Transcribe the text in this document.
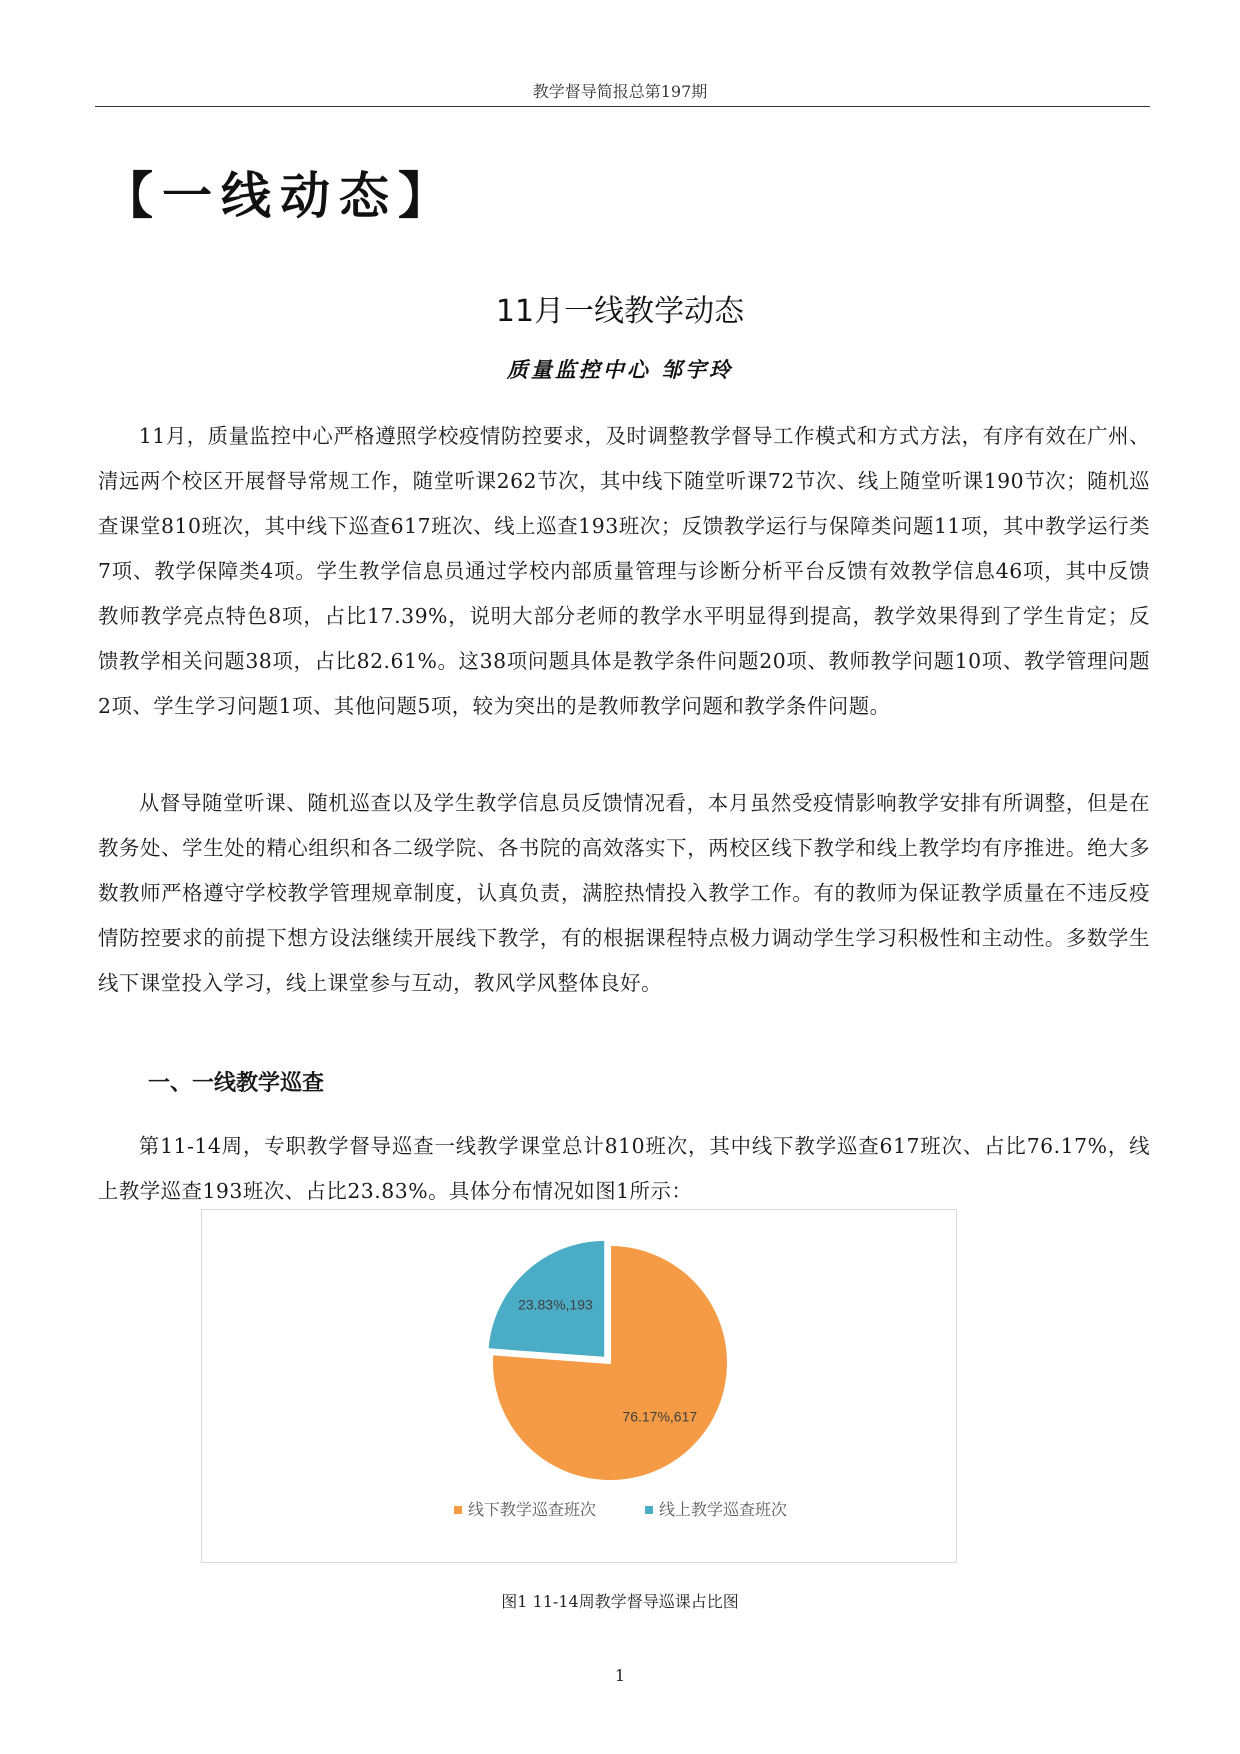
教学督导简报总第197期
【一线动态】
11月一线教学动态
质量监控中心 邹宇玲

11月，质量监控中心严格遵照学校疫情防控要求，及时调整教学督导工作模式和方式方法，有序有效在广州、清远两个校区开展督导常规工作，随堂听课262节次，其中线下随堂听课72节次、线上随堂听课190节次；随机巡查课堂810班次，其中线下巡查617班次、线上巡查193班次；反馈教学运行与保障类问题11项，其中教学运行类7项、教学保障类4项。学生教学信息员通过学校内部质量管理与诊断分析平台反馈有效教学信息46项，其中反馈教师教学亮点特色8项，占比17.39%，说明大部分老师的教学水平明显得到提高，教学效果得到了学生肯定；反馈教学相关问题38项，占比82.61%。这38项问题具体是教学条件问题20项、教师教学问题10项、教学管理问题2项、学生学习问题1项、其他问题5项，较为突出的是教师教学问题和教学条件问题。

从督导随堂听课、随机巡查以及学生教学信息员反馈情况看，本月虽然受疫情影响教学安排有所调整，但是在教务处、学生处的精心组织和各二级学院、各书院的高效落实下，两校区线下教学和线上教学均有序推进。绝大多数教师严格遵守学校教学管理规章制度，认真负责，满腔热情投入教学工作。有的教师为保证教学质量在不违反疫情防控要求的前提下想方设法继续开展线下教学，有的根据课程特点极力调动学生学习积极性和主动性。多数学生线下课堂投入学习，线上课堂参与互动，教风学风整体良好。

一、一线教学巡查

第11-14周，专职教学督导巡查一线教学课堂总计810班次，其中线下教学巡查617班次、占比76.17%，线上教学巡查193班次、占比23.83%。具体分布情况如图1所示：

76.17%,617
23.83%,193
线下教学巡查班次	线上教学巡查班次
图1 11-14周教学督导巡课占比图
1
